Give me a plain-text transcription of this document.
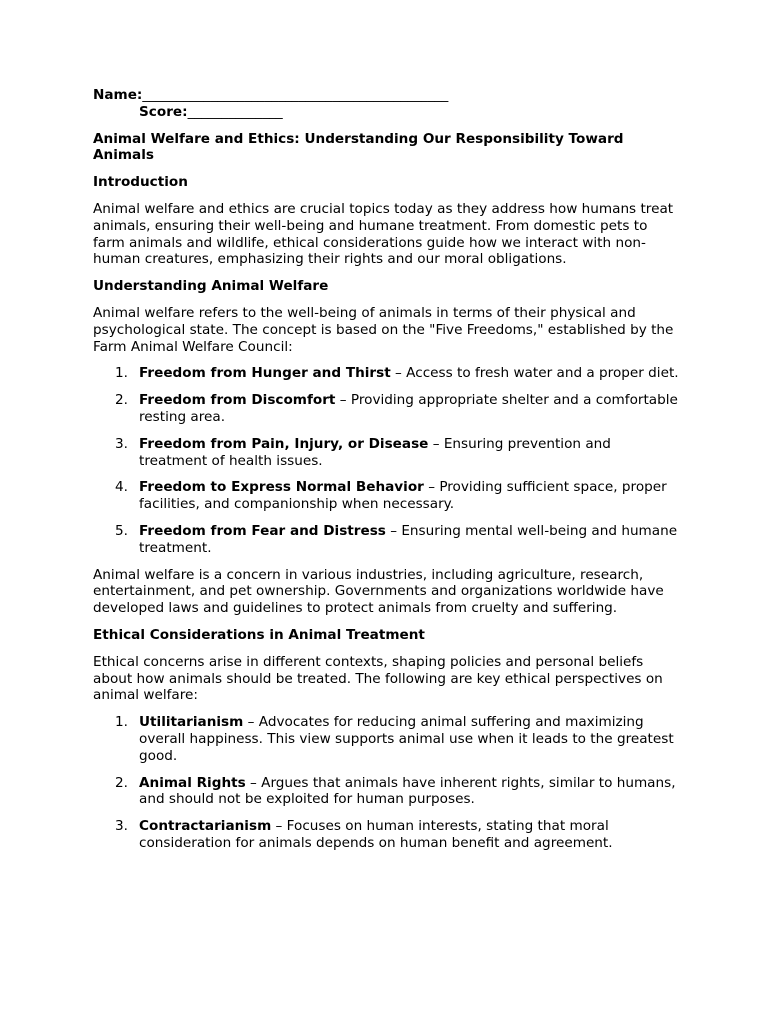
Name:_____________________________________________

Score:______________

Animal Welfare and Ethics: Understanding Our Responsibility Toward Animals
Introduction

Animal welfare and ethics are crucial topics today as they address how humans treat animals, ensuring their well-being and humane treatment. From domestic pets to farm animals and wildlife, ethical considerations guide how we interact with non-human creatures, emphasizing their rights and our moral obligations.

Understanding Animal Welfare

Animal welfare refers to the well-being of animals in terms of their physical and psychological state. The concept is based on the "Five Freedoms," established by the Farm Animal Welfare Council:

1. Freedom from Hunger and Thirst – Access to fresh water and a proper diet.
2. Freedom from Discomfort – Providing appropriate shelter and a comfortable resting area.
3. Freedom from Pain, Injury, or Disease – Ensuring prevention and treatment of health issues.
4. Freedom to Express Normal Behavior – Providing sufficient space, proper facilities, and companionship when necessary.
5. Freedom from Fear and Distress – Ensuring mental well-being and humane treatment.

Animal welfare is a concern in various industries, including agriculture, research, entertainment, and pet ownership. Governments and organizations worldwide have developed laws and guidelines to protect animals from cruelty and suffering.

Ethical Considerations in Animal Treatment

Ethical concerns arise in different contexts, shaping policies and personal beliefs about how animals should be treated. The following are key ethical perspectives on animal welfare:

1. Utilitarianism – Advocates for reducing animal suffering and maximizing overall happiness. This view supports animal use when it leads to the greatest good.
2. Animal Rights – Argues that animals have inherent rights, similar to humans, and should not be exploited for human purposes.
3. Contractarianism – Focuses on human interests, stating that moral consideration for animals depends on human benefit and agreement.
